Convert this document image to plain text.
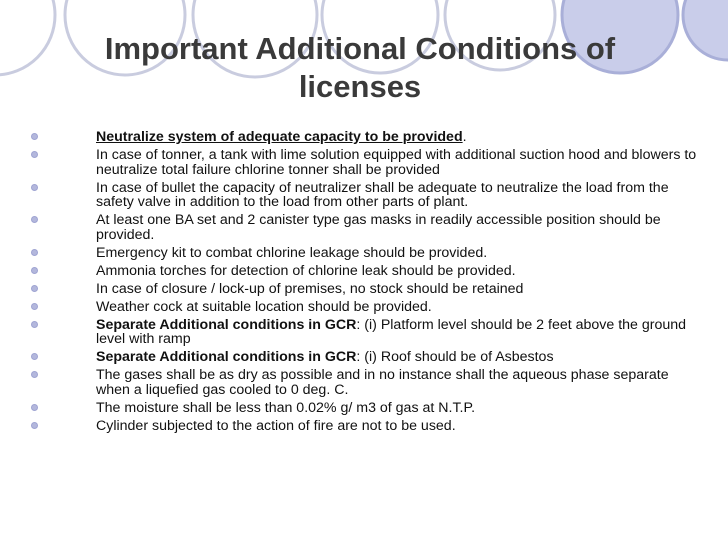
Important Additional Conditions of
licenses
Neutralize system of adequate capacity to be provided.
In case of tonner, a tank with lime solution equipped with additional suction hood and blowers to neutralize total failure chlorine tonner shall be provided
In case of bullet the capacity of neutralizer shall be adequate to neutralize the load from the safety valve in addition to the load from other parts of plant.
At least one BA set and 2 canister type gas masks in readily accessible position should be provided.
Emergency kit to combat chlorine leakage should be provided.
Ammonia torches for detection of chlorine leak should be provided.
In case of closure / lock-up of premises, no stock should be retained
Weather cock at suitable location should be provided.
Separate Additional conditions in GCR: (i) Platform level should be 2 feet above the ground level with ramp
Separate Additional conditions in GCR: (i) Roof should be of Asbestos
The gases shall be as dry as possible and in no instance shall the aqueous phase separate when a liquefied gas cooled to 0 deg. C.
The moisture shall be less than 0.02% g/ m3 of gas at N.T.P.
Cylinder subjected to the action of fire are not to be used.
